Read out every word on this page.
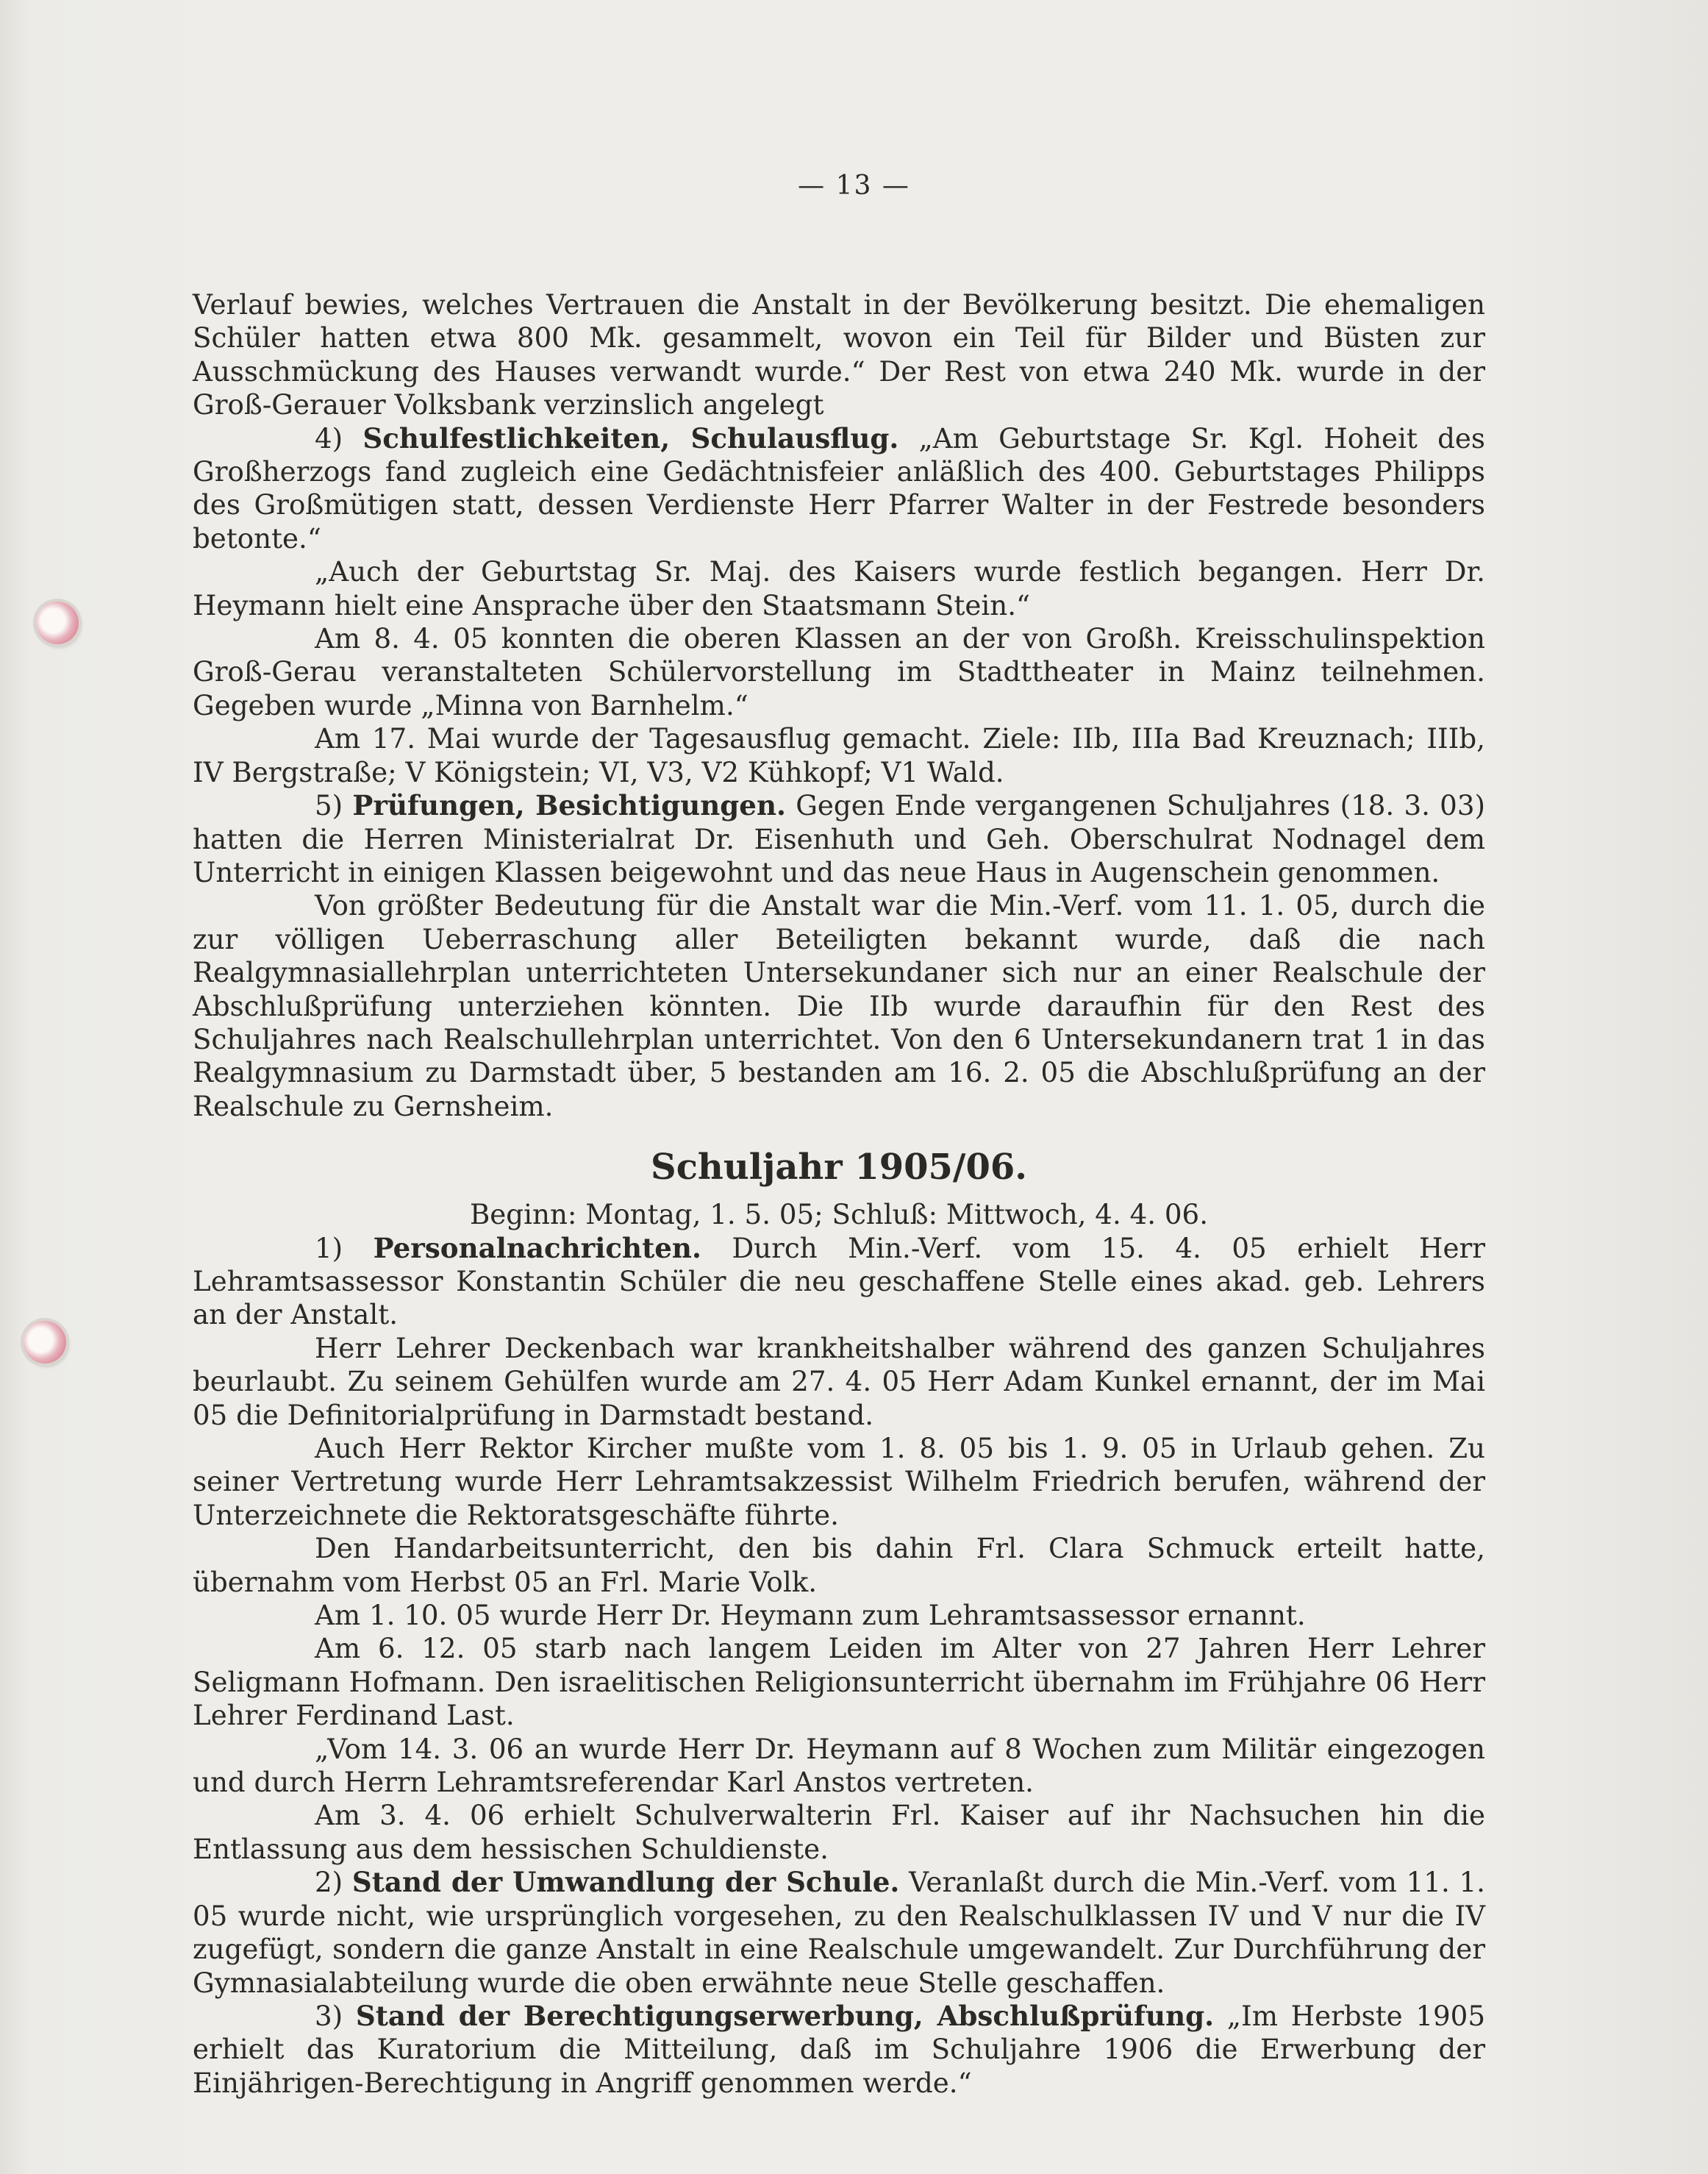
— 13 —

Verlauf bewies, welches Vertrauen die Anstalt in der Bevölkerung besitzt. Die ehemaligen Schüler hatten etwa 800 Mk. gesammelt, wovon ein Teil für Bilder und Büsten zur Ausschmückung des Hauses verwandt wurde.“ Der Rest von etwa 240 Mk. wurde in der Groß-Gerauer Volksbank verzinslich angelegt

4) Schulfestlichkeiten, Schulausflug. „Am Geburtstage Sr. Kgl. Hoheit des Großherzogs fand zugleich eine Gedächtnisfeier anläßlich des 400. Geburtstages Philipps des Großmütigen statt, dessen Verdienste Herr Pfarrer Walter in der Festrede besonders betonte.“

„Auch der Geburtstag Sr. Maj. des Kaisers wurde festlich begangen. Herr Dr. Heymann hielt eine Ansprache über den Staatsmann Stein.“

Am 8. 4. 05 konnten die oberen Klassen an der von Großh. Kreisschulinspektion Groß-Gerau veranstalteten Schülervorstellung im Stadttheater in Mainz teilnehmen. Gegeben wurde „Minna von Barnhelm.“

Am 17. Mai wurde der Tagesausflug gemacht. Ziele: IIb, IIIa Bad Kreuznach; IIIb, IV Bergstraße; V Königstein; VI, V3, V2 Kühkopf; V1 Wald.

5) Prüfungen, Besichtigungen. Gegen Ende vergangenen Schuljahres (18. 3. 03) hatten die Herren Ministerialrat Dr. Eisenhuth und Geh. Oberschulrat Nodnagel dem Unterricht in einigen Klassen beigewohnt und das neue Haus in Augenschein genommen.

Von größter Bedeutung für die Anstalt war die Min.-Verf. vom 11. 1. 05, durch die zur völligen Ueberraschung aller Beteiligten bekannt wurde, daß die nach Realgymnasiallehrplan unterrichteten Untersekundaner sich nur an einer Realschule der Abschlußprüfung unterziehen könnten. Die IIb wurde daraufhin für den Rest des Schuljahres nach Realschullehrplan unterrichtet. Von den 6 Untersekundanern trat 1 in das Realgymnasium zu Darmstadt über, 5 bestanden am 16. 2. 05 die Abschlußprüfung an der Realschule zu Gernsheim.

Schuljahr 1905/06.

Beginn: Montag, 1. 5. 05; Schluß: Mittwoch, 4. 4. 06.

1) Personalnachrichten. Durch Min.-Verf. vom 15. 4. 05 erhielt Herr Lehramtsassessor Konstantin Schüler die neu geschaffene Stelle eines akad. geb. Lehrers an der Anstalt.

Herr Lehrer Deckenbach war krankheitshalber während des ganzen Schuljahres beurlaubt. Zu seinem Gehülfen wurde am 27. 4. 05 Herr Adam Kunkel ernannt, der im Mai 05 die Definitorialprüfung in Darmstadt bestand.

Auch Herr Rektor Kircher mußte vom 1. 8. 05 bis 1. 9. 05 in Urlaub gehen. Zu seiner Vertretung wurde Herr Lehramtsakzessist Wilhelm Friedrich berufen, während der Unterzeichnete die Rektoratsgeschäfte führte.

Den Handarbeitsunterricht, den bis dahin Frl. Clara Schmuck erteilt hatte, übernahm vom Herbst 05 an Frl. Marie Volk.

Am 1. 10. 05 wurde Herr Dr. Heymann zum Lehramtsassessor ernannt.

Am 6. 12. 05 starb nach langem Leiden im Alter von 27 Jahren Herr Lehrer Seligmann Hofmann. Den israelitischen Religionsunterricht übernahm im Frühjahre 06 Herr Lehrer Ferdinand Last.

„Vom 14. 3. 06 an wurde Herr Dr. Heymann auf 8 Wochen zum Militär eingezogen und durch Herrn Lehramtsreferendar Karl Anstos vertreten.

Am 3. 4. 06 erhielt Schulverwalterin Frl. Kaiser auf ihr Nachsuchen hin die Entlassung aus dem hessischen Schuldienste.

2) Stand der Umwandlung der Schule. Veranlaßt durch die Min.-Verf. vom 11. 1. 05 wurde nicht, wie ursprünglich vorgesehen, zu den Realschulklassen IV und V nur die IV zugefügt, sondern die ganze Anstalt in eine Realschule umgewandelt. Zur Durchführung der Gymnasialabteilung wurde die oben erwähnte neue Stelle geschaffen.

3) Stand der Berechtigungserwerbung, Abschlußprüfung. „Im Herbste 1905 erhielt das Kuratorium die Mitteilung, daß im Schuljahre 1906 die Erwerbung der Einjährigen-Berechtigung in Angriff genommen werde.“
